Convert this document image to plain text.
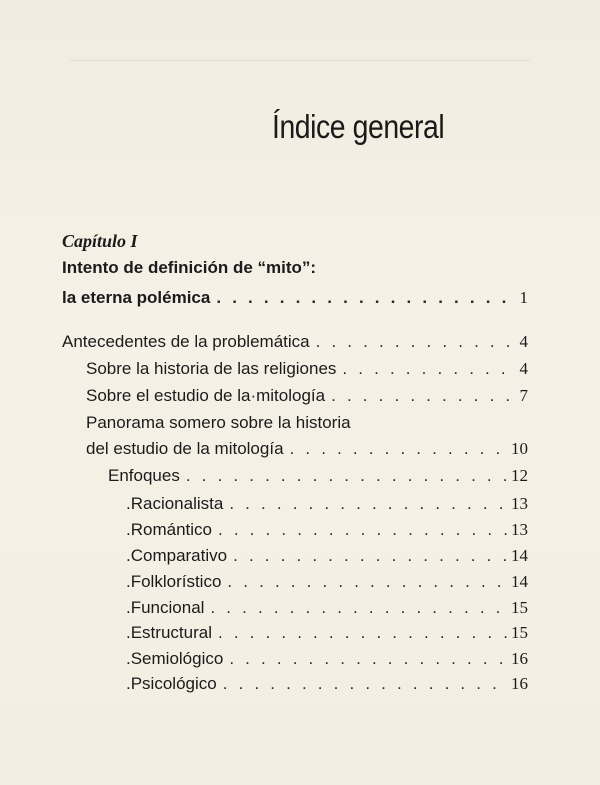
Índice general
Capítulo I
Intento de definición de “mito”:
la eterna polémica . . .	1
Antecedentes de la problemática . . .	4
Sobre la historia de las religiones . . .	4
Sobre el estudio de la·mitología . . .	7
Panorama somero sobre la historia
del estudio de la mitología . . .	10
Enfoques . . .	12
.Racionalista . . .	13
.Romántico . . .	13
.Comparativo . . .	14
.Folklorístico . . .	14
.Funcional . . .	15
.Estructural . . .	15
.Semiológico . . .	16
.Psicológico . . .	16
